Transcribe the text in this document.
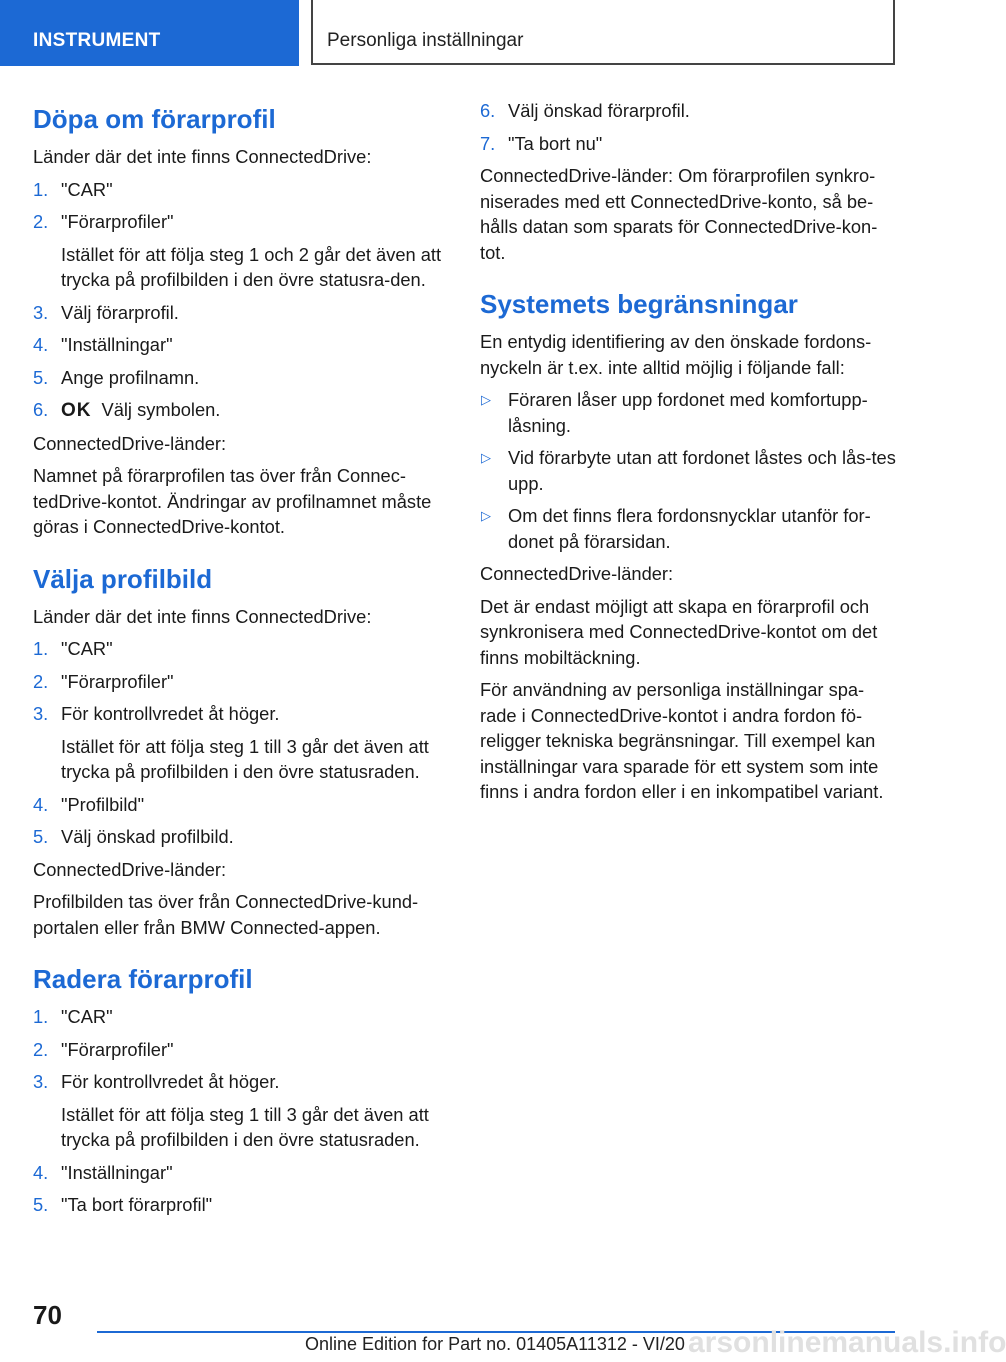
INSTRUMENT	Personliga inställningar
Döpa om förarprofil

Länder där det inte finns ConnectedDrive:

1. "CAR"
2. "Förarprofiler"
Istället för att följa steg 1 och 2 går det även att trycka på profilbilden i den övre statusra-den.
3. Välj förarprofil.
4. "Inställningar"
5. Ange profilnamn.
6. OK Välj symbolen.

ConnectedDrive-länder:

Namnet på förarprofilen tas över från Connec-tedDrive-kontot. Ändringar av profilnamnet måste göras i ConnectedDrive-kontot.

Välja profilbild

Länder där det inte finns ConnectedDrive:

1. "CAR"
2. "Förarprofiler"
3. För kontrollvredet åt höger.
Istället för att följa steg 1 till 3 går det även att trycka på profilbilden i den övre statusraden.
4. "Profilbild"
5. Välj önskad profilbild.

ConnectedDrive-länder:

Profilbilden tas över från ConnectedDrive-kund-portalen eller från BMW Connected-appen.

Radera förarprofil
1. "CAR"
2. "Förarprofiler"
3. För kontrollvredet åt höger.
Istället för att följa steg 1 till 3 går det även att trycka på profilbilden i den övre statusraden.
4. "Inställningar"
5. "Ta bort förarprofil"
6. Välj önskad förarprofil.
7. "Ta bort nu"

ConnectedDrive-länder: Om förarprofilen synkro-niserades med ett ConnectedDrive-konto, så be-hålls datan som sparats för ConnectedDrive-kon-tot.

Systemets begränsningar

En entydig identifiering av den önskade fordons-nyckeln är t.ex. inte alltid möjlig i följande fall:

▷ Föraren låser upp fordonet med komfortupp-låsning.
▷ Vid förarbyte utan att fordonet låstes och lås-tes upp.
▷ Om det finns flera fordonsnycklar utanför for-donet på förarsidan.

ConnectedDrive-länder:

Det är endast möjligt att skapa en förarprofil och synkronisera med ConnectedDrive-kontot om det finns mobiltäckning.

För användning av personliga inställningar spa-rade i ConnectedDrive-kontot i andra fordon fö-religger tekniska begränsningar. Till exempel kan inställningar vara sparade för ett system som inte finns i andra fordon eller i en inkompatibel variant.

70
arsonlinemanuals.info
Online Edition for Part no. 01405A11312 - VI/20
